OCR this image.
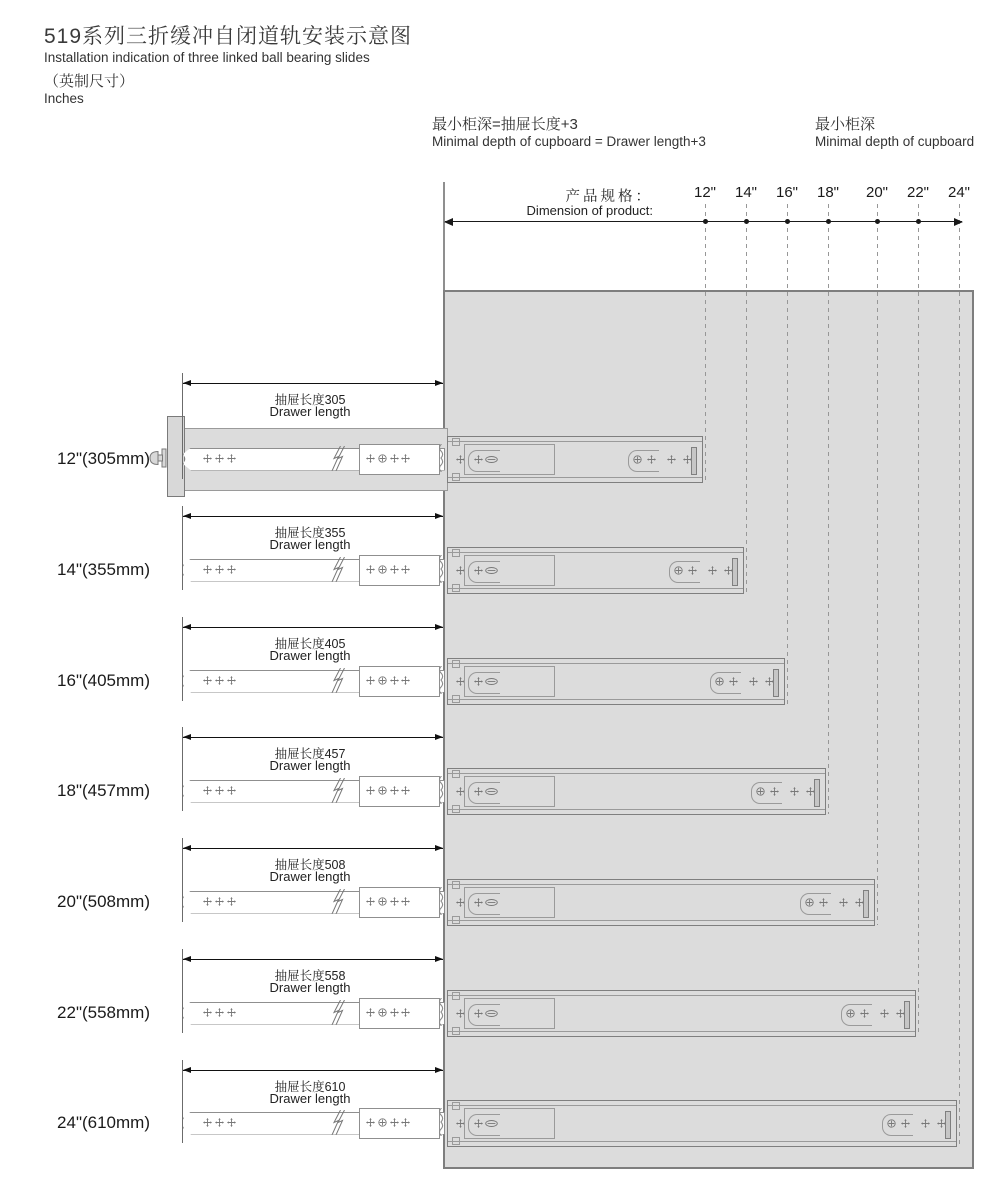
519系列三折缓冲自闭道轨安装示意图
Installation indication of three linked ball bearing slides
（英制尺寸）
Inches
最小柜深=抽屉长度+3
Minimal depth of cupboard = Drawer length+3
最小柜深
Minimal depth of cupboard
产品规格：
Dimension of product:
12"	14"	16"	18"	20"	22"	24"
抽屉长度305
Drawer length
12"(305mm)
抽屉长度355
Drawer length
14"(355mm)
抽屉长度405
Drawer length
16"(405mm)
抽屉长度457
Drawer length
18"(457mm)
抽屉长度508
Drawer length
20"(508mm)
抽屉长度558
Drawer length
22"(558mm)
抽屉长度610
Drawer length
24"(610mm)
